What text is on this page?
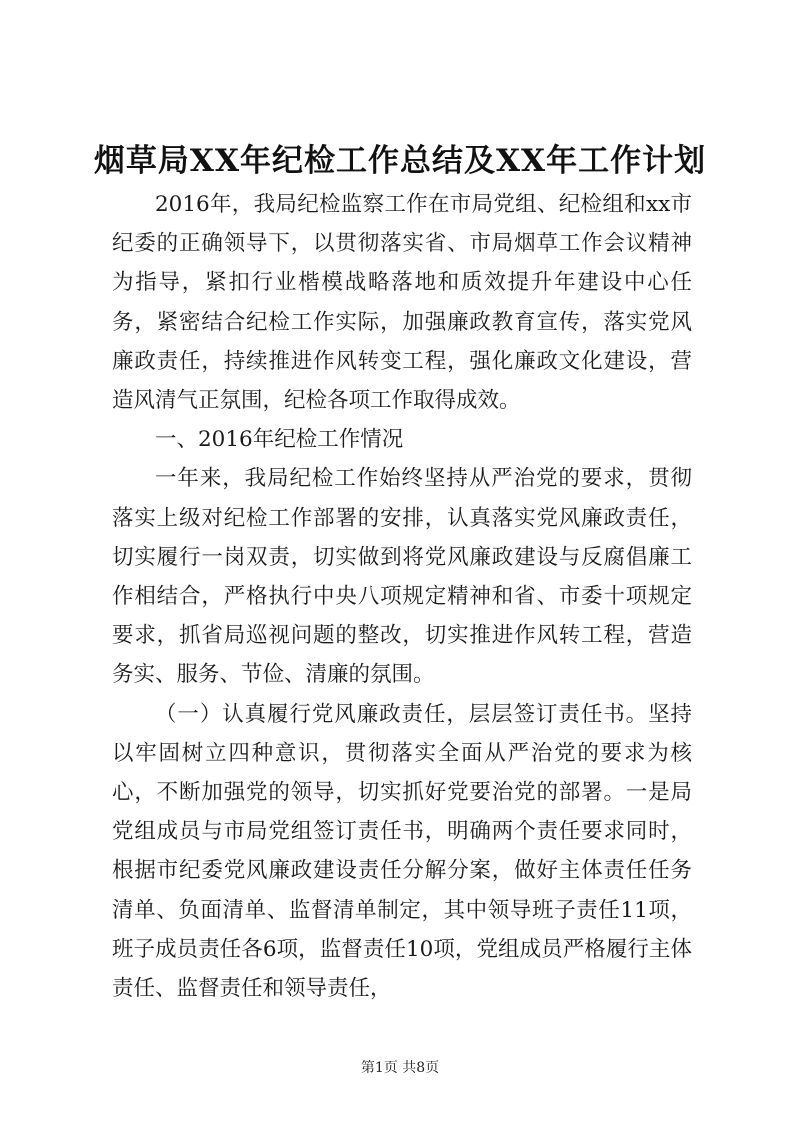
烟草局XX年纪检工作总结及XX年工作计划

2016年，我局纪检监察工作在市局党组、纪检组和xx市纪委的正确领导下，以贯彻落实省、市局烟草工作会议精神为指导，紧扣行业楷模战略落地和质效提升年建设中心任务，紧密结合纪检工作实际，加强廉政教育宣传，落实党风廉政责任，持续推进作风转变工程，强化廉政文化建设，营造风清气正氛围，纪检各项工作取得成效。

一、2016年纪检工作情况

一年来，我局纪检工作始终坚持从严治党的要求，贯彻落实上级对纪检工作部署的安排，认真落实党风廉政责任，切实履行一岗双责，切实做到将党风廉政建设与反腐倡廉工作相结合，严格执行中央八项规定精神和省、市委十项规定要求，抓省局巡视问题的整改，切实推进作风转工程，营造务实、服务、节俭、清廉的氛围。

（一）认真履行党风廉政责任，层层签订责任书。坚持以牢固树立四种意识，贯彻落实全面从严治党的要求为核心，不断加强党的领导，切实抓好党要治党的部署。一是局党组成员与市局党组签订责任书，明确两个责任要求同时，根据市纪委党风廉政建设责任分解分案，做好主体责任任务清单、负面清单、监督清单制定，其中领导班子责任11项，班子成员责任各6项，监督责任10项，党组成员严格履行主体责任、监督责任和领导责任，

第1页 共8页
